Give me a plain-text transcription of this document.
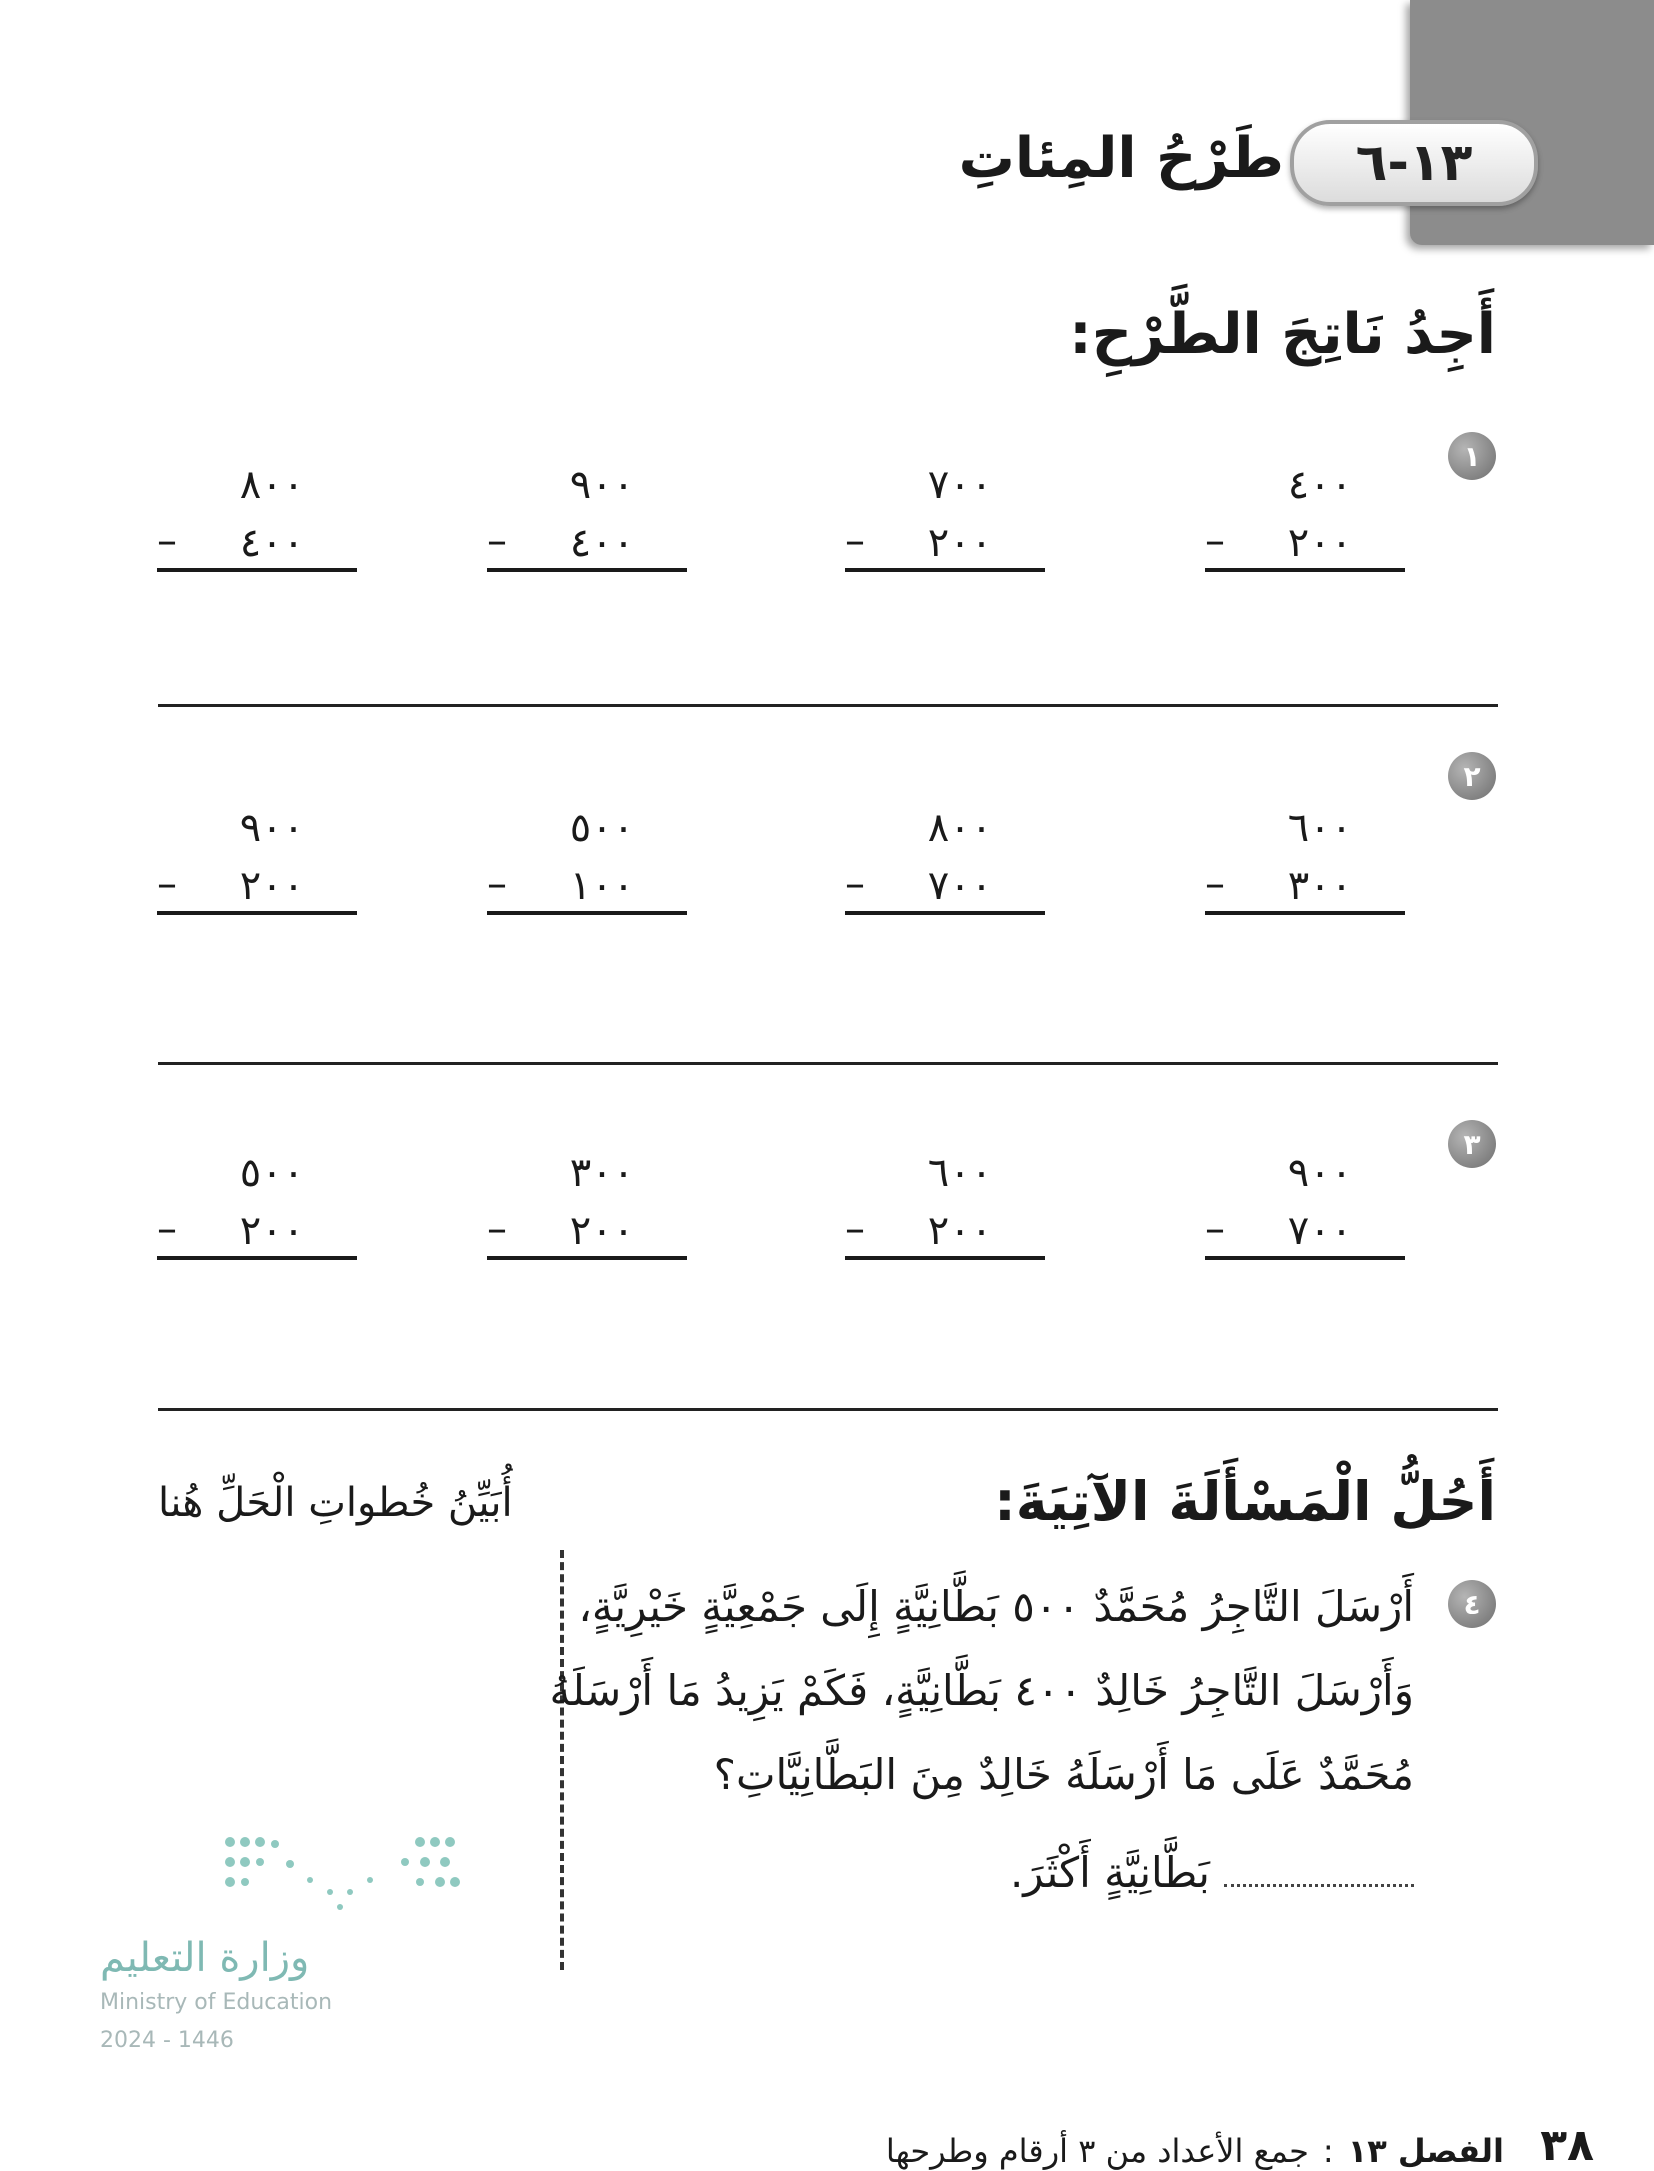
١٣-٦
طَرْحُ المِئاتِ
أَجِدُ نَاتِجَ الطَّرْحِ:
١
٤٠٠
–	٢٠٠
٧٠٠
–	٢٠٠
٩٠٠
–	٤٠٠
٨٠٠
–	٤٠٠
٢
٦٠٠
–	٣٠٠
٨٠٠
–	٧٠٠
٥٠٠
–	١٠٠
٩٠٠
–	٢٠٠
٣
٩٠٠
–	٧٠٠
٦٠٠
–	٢٠٠
٣٠٠
–	٢٠٠
٥٠٠
–	٢٠٠
أَحُلُّ الْمَسْأَلَةَ الآتِيَةَ:
أُبَيِّنُ خُطواتِ الْحَلِّ هُنا
٤
أَرْسَلَ التَّاجِرُ مُحَمَّدٌ ٥٠٠ بَطَّانِيَّةٍ إِلَى جَمْعِيَّةٍ خَيْرِيَّةٍ،
وَأَرْسَلَ التَّاجِرُ خَالِدٌ ٤٠٠ بَطَّانِيَّةٍ، فَكَمْ يَزِيدُ مَا أَرْسَلَهُ
مُحَمَّدٌ عَلَى مَا أَرْسَلَهُ خَالِدٌ مِنَ البَطَّانِيَّاتِ؟
بَطَّانِيَّةٍ أَكْثَرَ.
وزارة التعليم
Ministry of Education
2024 - 1446
الفصل ١٣
:
جمع الأعداد من ٣ أرقام وطرحها	٣٨
